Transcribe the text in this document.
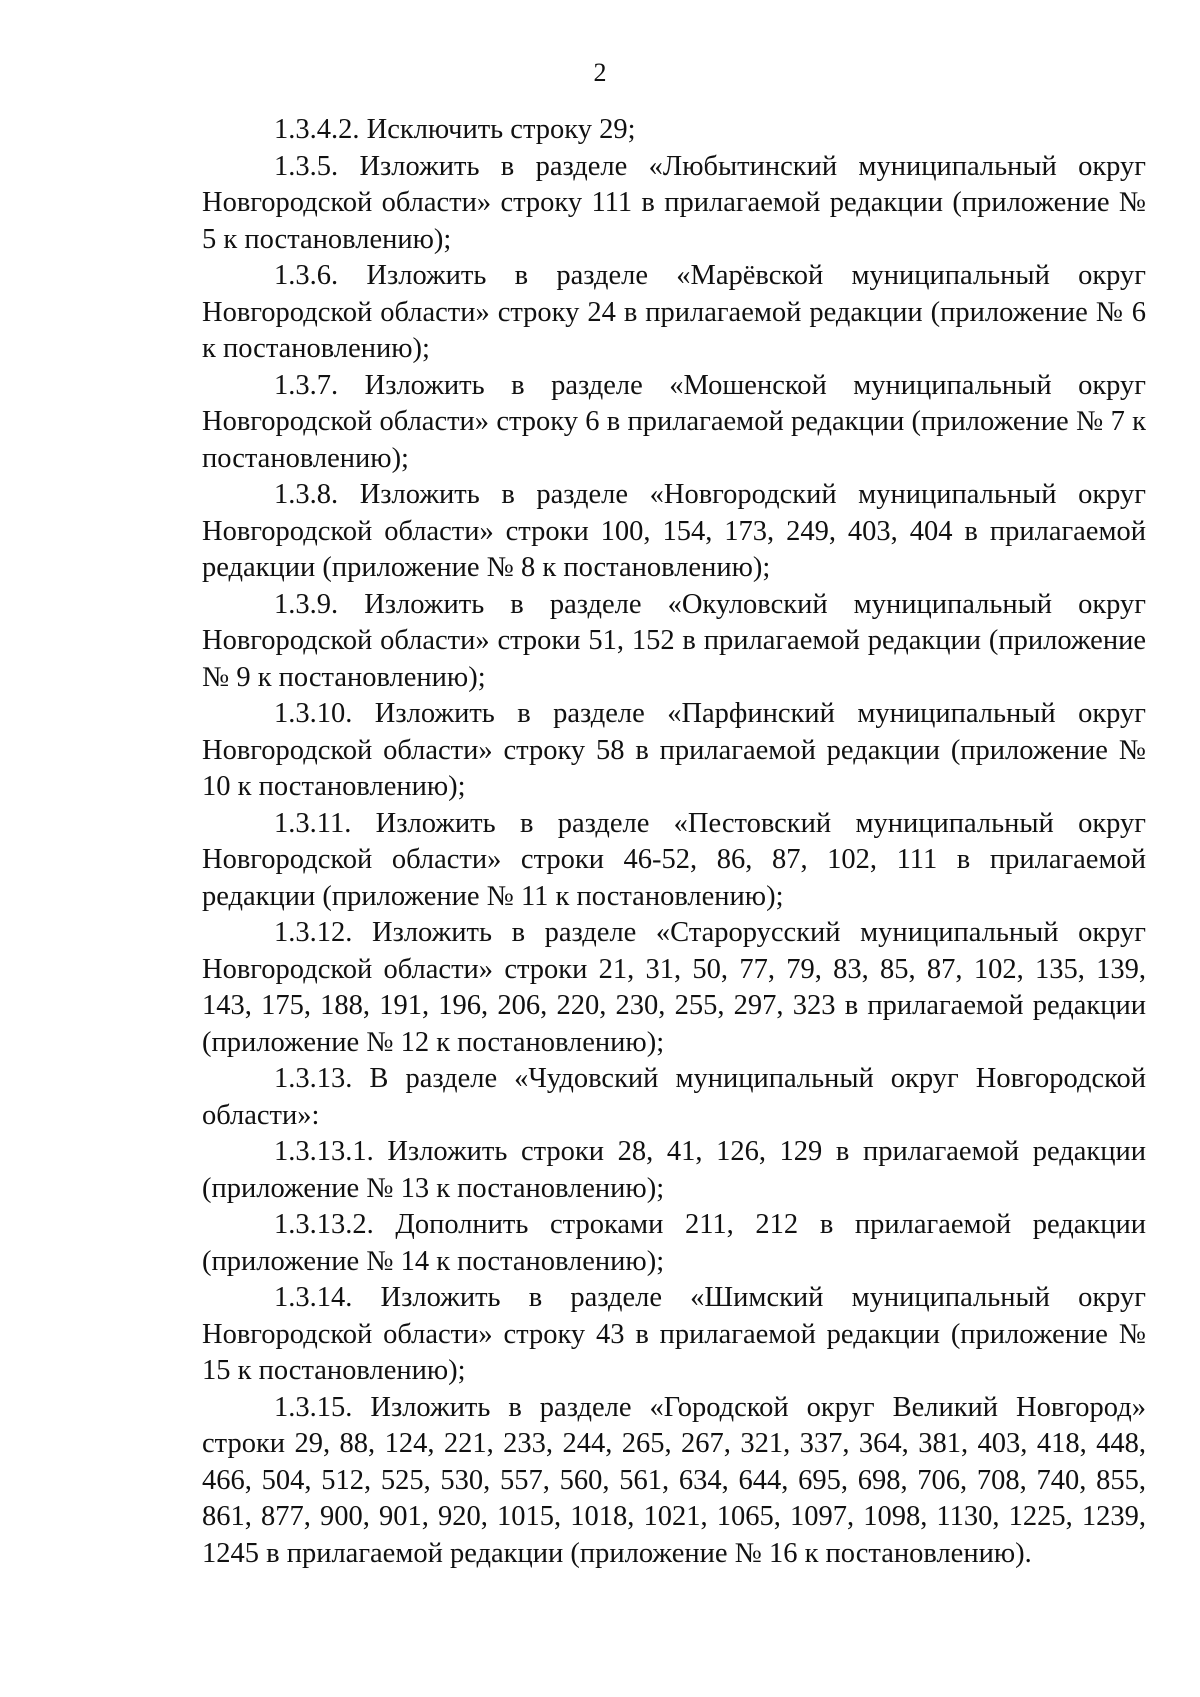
2

1.3.4.2. Исключить строку 29;

1.3.5. Изложить в разделе «Любытинский муниципальный округ Новгородской области» строку 111 в прилагаемой редакции (приложение № 5 к постановлению);

1.3.6. Изложить в разделе «Марёвской муниципальный округ Новгородской области» строку 24 в прилагаемой редакции (приложение № 6 к постановлению);

1.3.7. Изложить в разделе «Мошенской муниципальный округ Новгородской области» строку 6 в прилагаемой редакции (приложение № 7 к постановлению);

1.3.8. Изложить в разделе «Новгородский муниципальный округ Новгородской области» строки 100, 154, 173, 249, 403, 404 в прилагаемой редакции (приложение № 8 к постановлению);

1.3.9. Изложить в разделе «Окуловский муниципальный округ Новгородской области» строки 51, 152 в прилагаемой редакции (приложение № 9 к постановлению);

1.3.10. Изложить в разделе «Парфинский муниципальный округ Новгородской области» строку 58 в прилагаемой редакции (приложение № 10 к постановлению);

1.3.11. Изложить в разделе «Пестовский муниципальный округ Новгородской области» строки 46-52, 86, 87, 102, 111 в прилагаемой редакции (приложение № 11 к постановлению);

1.3.12. Изложить в разделе «Старорусский муниципальный округ Новгородской области» строки 21, 31, 50, 77, 79, 83, 85, 87, 102, 135, 139, 143, 175, 188, 191, 196, 206, 220, 230, 255, 297, 323 в прилагаемой редакции (приложение № 12 к постановлению);

1.3.13. В разделе «Чудовский муниципальный округ Новгородской области»:

1.3.13.1. Изложить строки 28, 41, 126, 129 в прилагаемой редакции (приложение № 13 к постановлению);

1.3.13.2. Дополнить строками 211, 212 в прилагаемой редакции (приложение № 14 к постановлению);

1.3.14. Изложить в разделе «Шимский муниципальный округ Новгородской области» строку 43 в прилагаемой редакции (приложение № 15 к постановлению);

1.3.15. Изложить в разделе «Городской округ Великий Новгород» строки 29, 88, 124, 221, 233, 244, 265, 267, 321, 337, 364, 381, 403, 418, 448, 466, 504, 512, 525, 530, 557, 560, 561, 634, 644, 695, 698, 706, 708, 740, 855, 861, 877, 900, 901, 920, 1015, 1018, 1021, 1065, 1097, 1098, 1130, 1225, 1239, 1245 в прилагаемой редакции (приложение № 16 к постановлению).
